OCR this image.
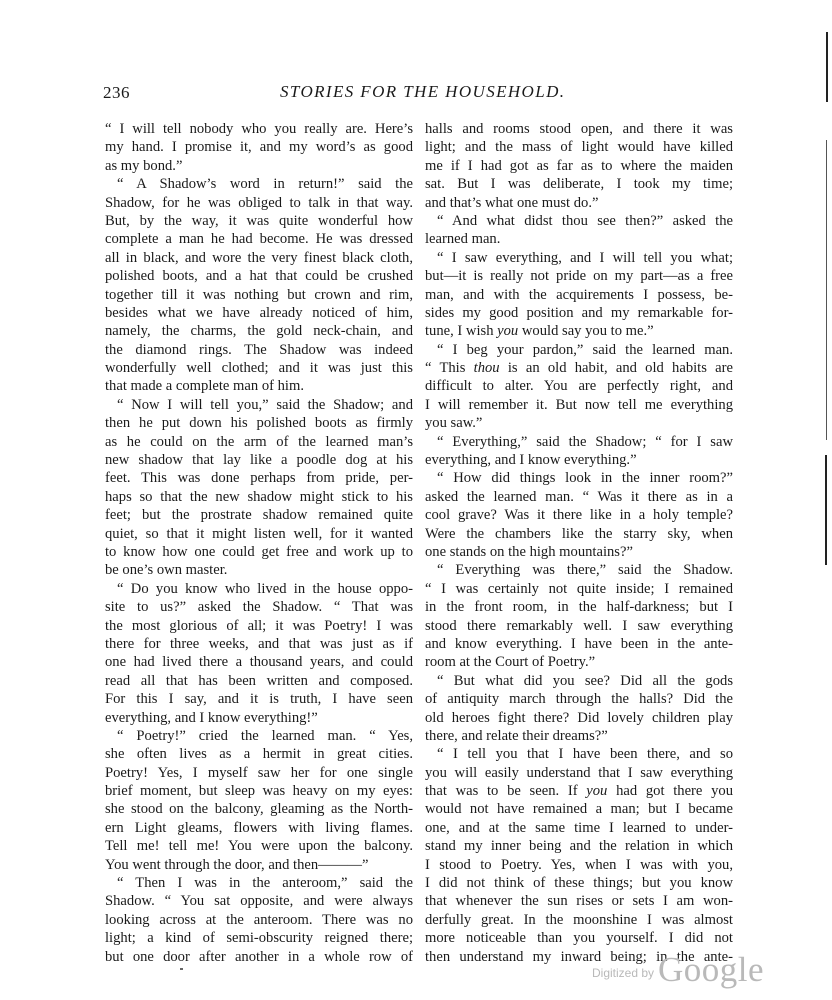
236	STORIES FOR THE HOUSEHOLD.
“ I will tell nobody who you really are. Here’s
my hand. I promise it, and my word’s as good
as my bond.”
“ A Shadow’s word in return!” said the
Shadow, for he was obliged to talk in that way.
But, by the way, it was quite wonderful how
complete a man he had become. He was dressed
all in black, and wore the very finest black cloth,
polished boots, and a hat that could be crushed
together till it was nothing but crown and rim,
besides what we have already noticed of him,
namely, the charms, the gold neck-chain, and
the diamond rings. The Shadow was indeed
wonderfully well clothed; and it was just this
that made a complete man of him.
“ Now I will tell you,” said the Shadow; and
then he put down his polished boots as firmly
as he could on the arm of the learned man’s
new shadow that lay like a poodle dog at his
feet. This was done perhaps from pride, per-
haps so that the new shadow might stick to his
feet; but the prostrate shadow remained quite
quiet, so that it might listen well, for it wanted
to know how one could get free and work up to
be one’s own master.
“ Do you know who lived in the house oppo-
site to us?” asked the Shadow. “ That was
the most glorious of all; it was Poetry! I was
there for three weeks, and that was just as if
one had lived there a thousand years, and could
read all that has been written and composed.
For this I say, and it is truth, I have seen
everything, and I know everything!”
“ Poetry!” cried the learned man. “ Yes,
she often lives as a hermit in great cities.
Poetry! Yes, I myself saw her for one single
brief moment, but sleep was heavy on my eyes:
she stood on the balcony, gleaming as the North-
ern Light gleams, flowers with living flames.
Tell me! tell me! You were upon the balcony.
You went through the door, and then———”
“ Then I was in the anteroom,” said the
Shadow. “ You sat opposite, and were always
looking across at the anteroom. There was no
light; a kind of semi-obscurity reigned there;
but one door after another in a whole row of
halls and rooms stood open, and there it was
light; and the mass of light would have killed
me if I had got as far as to where the maiden
sat. But I was deliberate, I took my time;
and that’s what one must do.”
“ And what didst thou see then?” asked the
learned man.
“ I saw everything, and I will tell you what;
but—it is really not pride on my part—as a free
man, and with the acquirements I possess, be-
sides my good position and my remarkable for-
tune, I wish you would say you to me.”
“ I beg your pardon,” said the learned man.
“ This thou is an old habit, and old habits are
difficult to alter. You are perfectly right, and
I will remember it. But now tell me everything
you saw.”
“ Everything,” said the Shadow; “ for I saw
everything, and I know everything.”
“ How did things look in the inner room?”
asked the learned man. “ Was it there as in a
cool grave? Was it there like in a holy temple?
Were the chambers like the starry sky, when
one stands on the high mountains?”
“ Everything was there,” said the Shadow.
“ I was certainly not quite inside; I remained
in the front room, in the half-darkness; but I
stood there remarkably well. I saw everything
and know everything. I have been in the ante-
room at the Court of Poetry.”
“ But what did you see? Did all the gods
of antiquity march through the halls? Did the
old heroes fight there? Did lovely children play
there, and relate their dreams?”
“ I tell you that I have been there, and so
you will easily understand that I saw everything
that was to be seen. If you had got there you
would not have remained a man; but I became
one, and at the same time I learned to under-
stand my inner being and the relation in which
I stood to Poetry. Yes, when I was with you,
I did not think of these things; but you know
that whenever the sun rises or sets I am won-
derfully great. In the moonshine I was almost
more noticeable than you yourself. I did not
then understand my inward being; in the ante-
$^{Digitized by}$ Google
